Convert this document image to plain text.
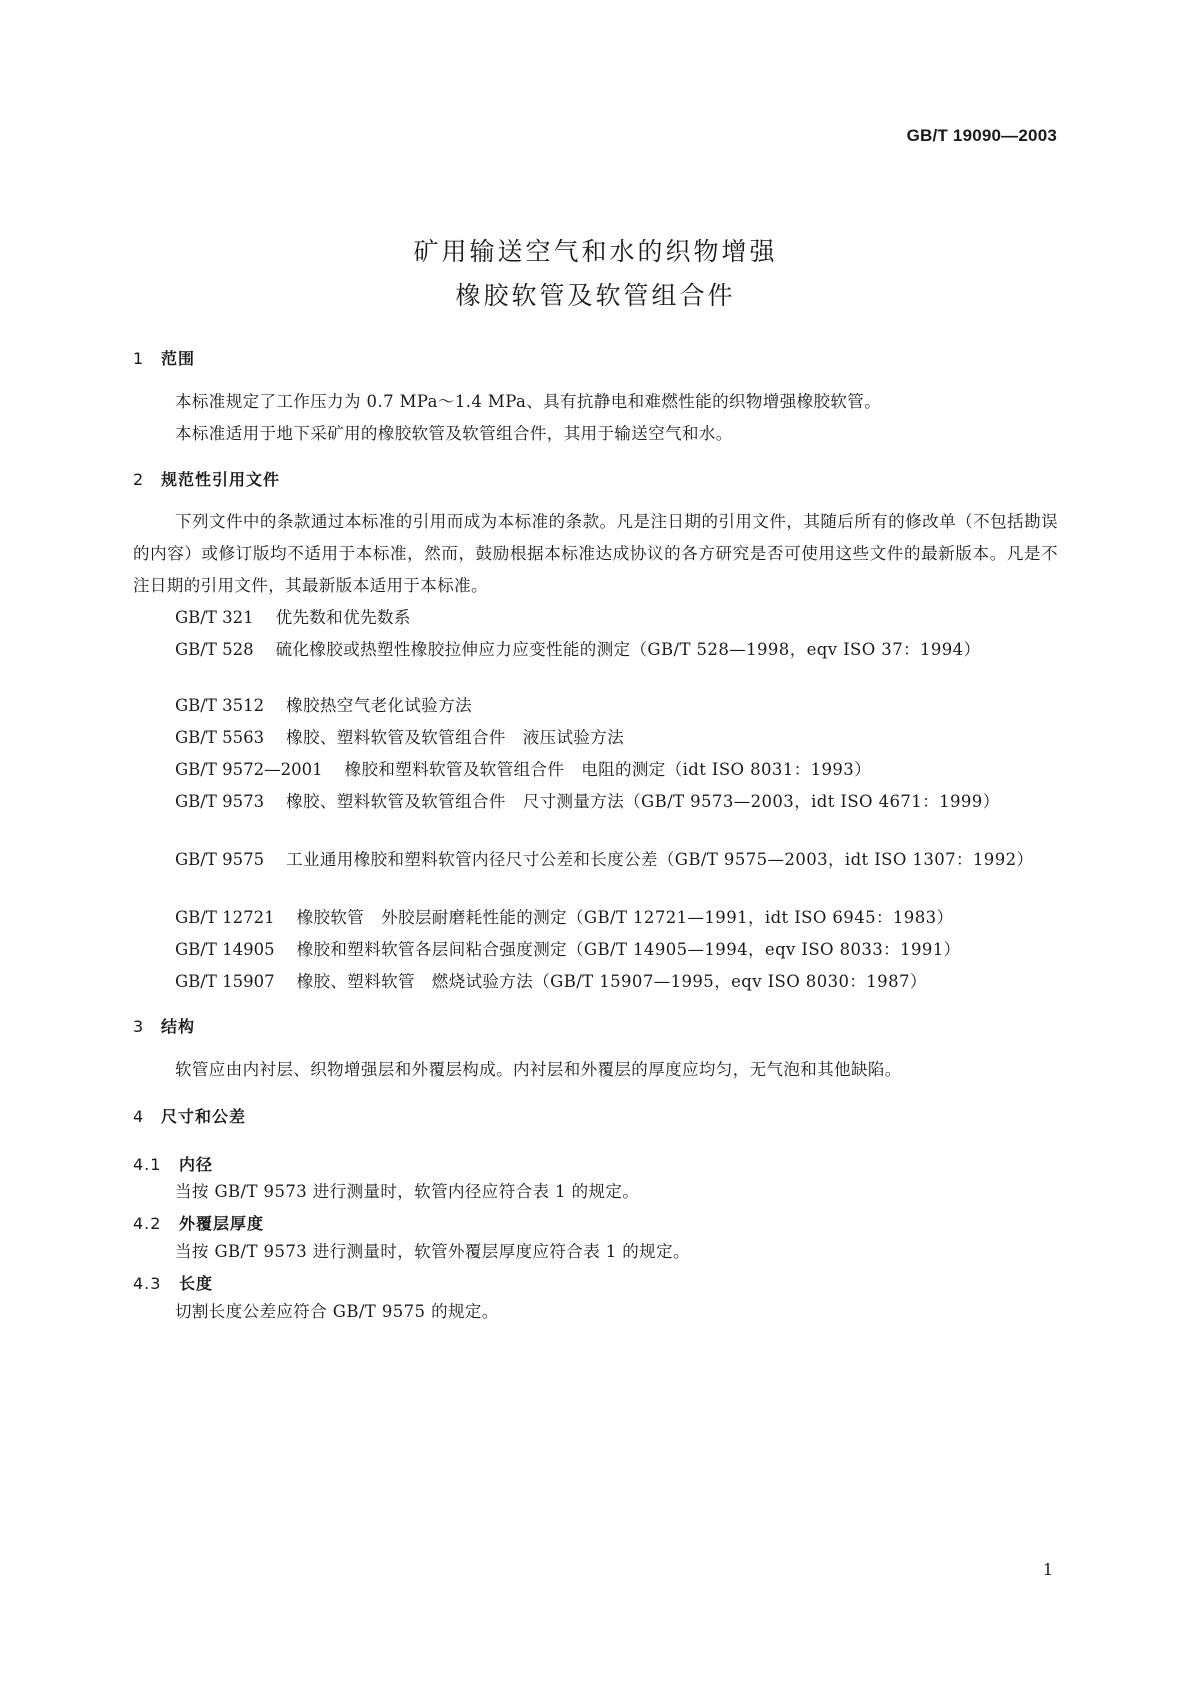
GB/T 19090—2003
矿用输送空气和水的织物增强
橡胶软管及软管组合件
1 范围
本标准规定了工作压力为 0.7 MPa～1.4 MPa、具有抗静电和难燃性能的织物增强橡胶软管。
本标准适用于地下采矿用的橡胶软管及软管组合件，其用于输送空气和水。
2 规范性引用文件
下列文件中的条款通过本标准的引用而成为本标准的条款。凡是注日期的引用文件，其随后所有的修改单（不包括勘误的内容）或修订版均不适用于本标准，然而，鼓励根据本标准达成协议的各方研究是否可使用这些文件的最新版本。凡是不注日期的引用文件，其最新版本适用于本标准。
GB/T 321 优先数和优先数系
GB/T 528 硫化橡胶或热塑性橡胶拉伸应力应变性能的测定（GB/T 528—1998，eqv ISO 37：1994）
GB/T 3512 橡胶热空气老化试验方法
GB/T 5563 橡胶、塑料软管及软管组合件　液压试验方法
GB/T 9572—2001 橡胶和塑料软管及软管组合件　电阻的测定（idt ISO 8031：1993）
GB/T 9573 橡胶、塑料软管及软管组合件　尺寸测量方法（GB/T 9573—2003，idt ISO 4671：1999）
GB/T 9575 工业通用橡胶和塑料软管内径尺寸公差和长度公差（GB/T 9575—2003，idt ISO 1307：1992）
GB/T 12721 橡胶软管　外胶层耐磨耗性能的测定（GB/T 12721—1991，idt ISO 6945：1983）
GB/T 14905 橡胶和塑料软管各层间粘合强度测定（GB/T 14905—1994，eqv ISO 8033：1991）
GB/T 15907 橡胶、塑料软管　燃烧试验方法（GB/T 15907—1995，eqv ISO 8030：1987）
3 结构
软管应由内衬层、织物增强层和外覆层构成。内衬层和外覆层的厚度应均匀，无气泡和其他缺陷。
4 尺寸和公差
4.1 内径
当按 GB/T 9573 进行测量时，软管内径应符合表 1 的规定。
4.2 外覆层厚度
当按 GB/T 9573 进行测量时，软管外覆层厚度应符合表 1 的规定。
4.3 长度
切割长度公差应符合 GB/T 9575 的规定。
1
